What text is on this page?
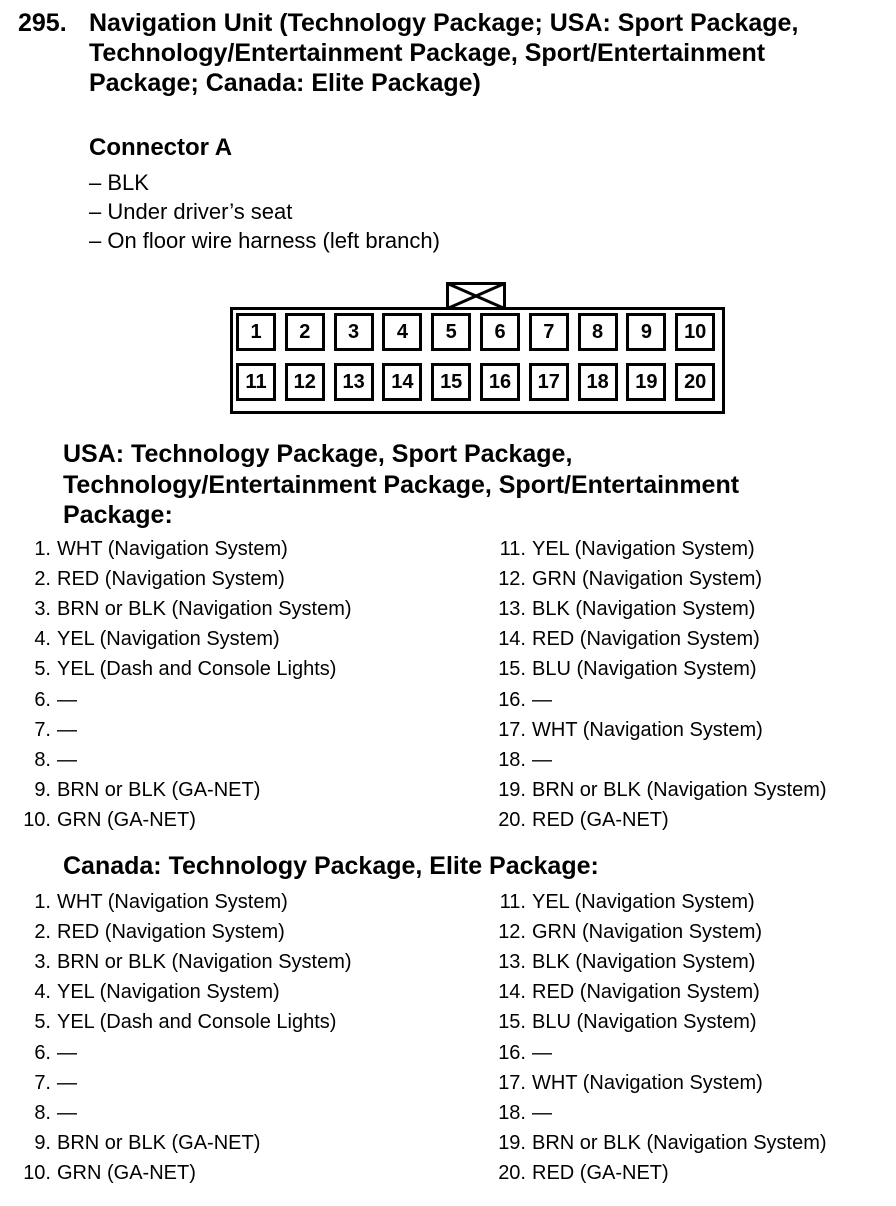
295. Navigation Unit (Technology Package; USA: Sport Package,
Technology/Entertainment Package, Sport/Entertainment
Package; Canada: Elite Package)
Connector A
– BLK
– Under driver’s seat
– On floor wire harness (left branch)
1	2	3	4	5	6	7	8	9	10
11	12	13	14	15	16	17	18	19	20
USA: Technology Package, Sport Package,
Technology/Entertainment Package, Sport/Entertainment
Package:
1. WHT (Navigation System)
2. RED (Navigation System)
3. BRN or BLK (Navigation System)
4. YEL (Navigation System)
5. YEL (Dash and Console Lights)
6. —
7. —
8. —
9. BRN or BLK (GA-NET)
10. GRN (GA-NET)
11. YEL (Navigation System)
12. GRN (Navigation System)
13. BLK (Navigation System)
14. RED (Navigation System)
15. BLU (Navigation System)
16. —
17. WHT (Navigation System)
18. —
19. BRN or BLK (Navigation System)
20. RED (GA-NET)
Canada: Technology Package, Elite Package:
1. WHT (Navigation System)
2. RED (Navigation System)
3. BRN or BLK (Navigation System)
4. YEL (Navigation System)
5. YEL (Dash and Console Lights)
6. —
7. —
8. —
9. BRN or BLK (GA-NET)
10. GRN (GA-NET)
11. YEL (Navigation System)
12. GRN (Navigation System)
13. BLK (Navigation System)
14. RED (Navigation System)
15. BLU (Navigation System)
16. —
17. WHT (Navigation System)
18. —
19. BRN or BLK (Navigation System)
20. RED (GA-NET)
